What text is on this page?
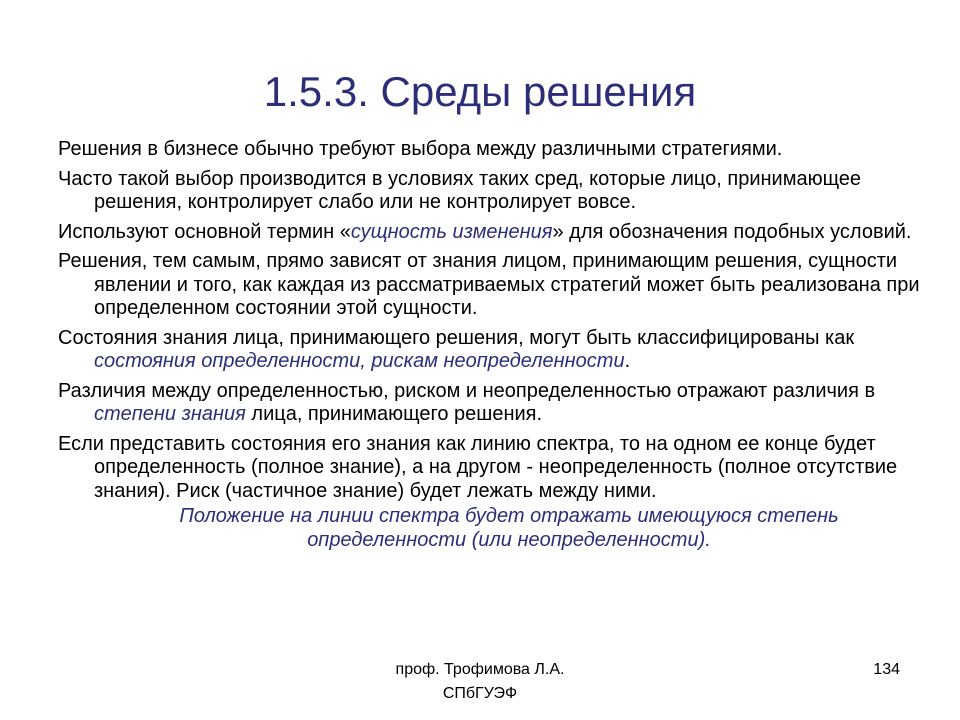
1.5.3. Среды решения

Решения в бизнесе обычно требуют выбора между различными стратегиями.

Часто такой выбор производится в условиях таких сред, которые лицо, принимающее решения, контролирует слабо или не контролирует вовсе.

Используют основной термин «сущность изменения» для обозначения подобных условий.

Решения, тем самым, прямо зависят от знания лицом, принимающим решения, сущности явлении и того, как каждая из рассматриваемых стратегий может быть реализована при определенном состоянии этой сущности.

Состояния знания лица, принимающего решения, могут быть классифицированы как состояния определенности, рискам неопределенности.

Различия между определенностью, риском и неопределенностью отражают различия в степени знания лица, принимающего решения.

Если представить состояния его знания как линию спектра, то на одном ее конце будет определенность (полное знание), а на другом - неопределенность (полное отсутствие знания). Риск (частичное знание) будет лежать между ними.

Положение на линии спектра будет отражать имеющуюся степень определенности (или неопределенности).

проф. Трофимова Л.А.
СПбГУЭФ
134
